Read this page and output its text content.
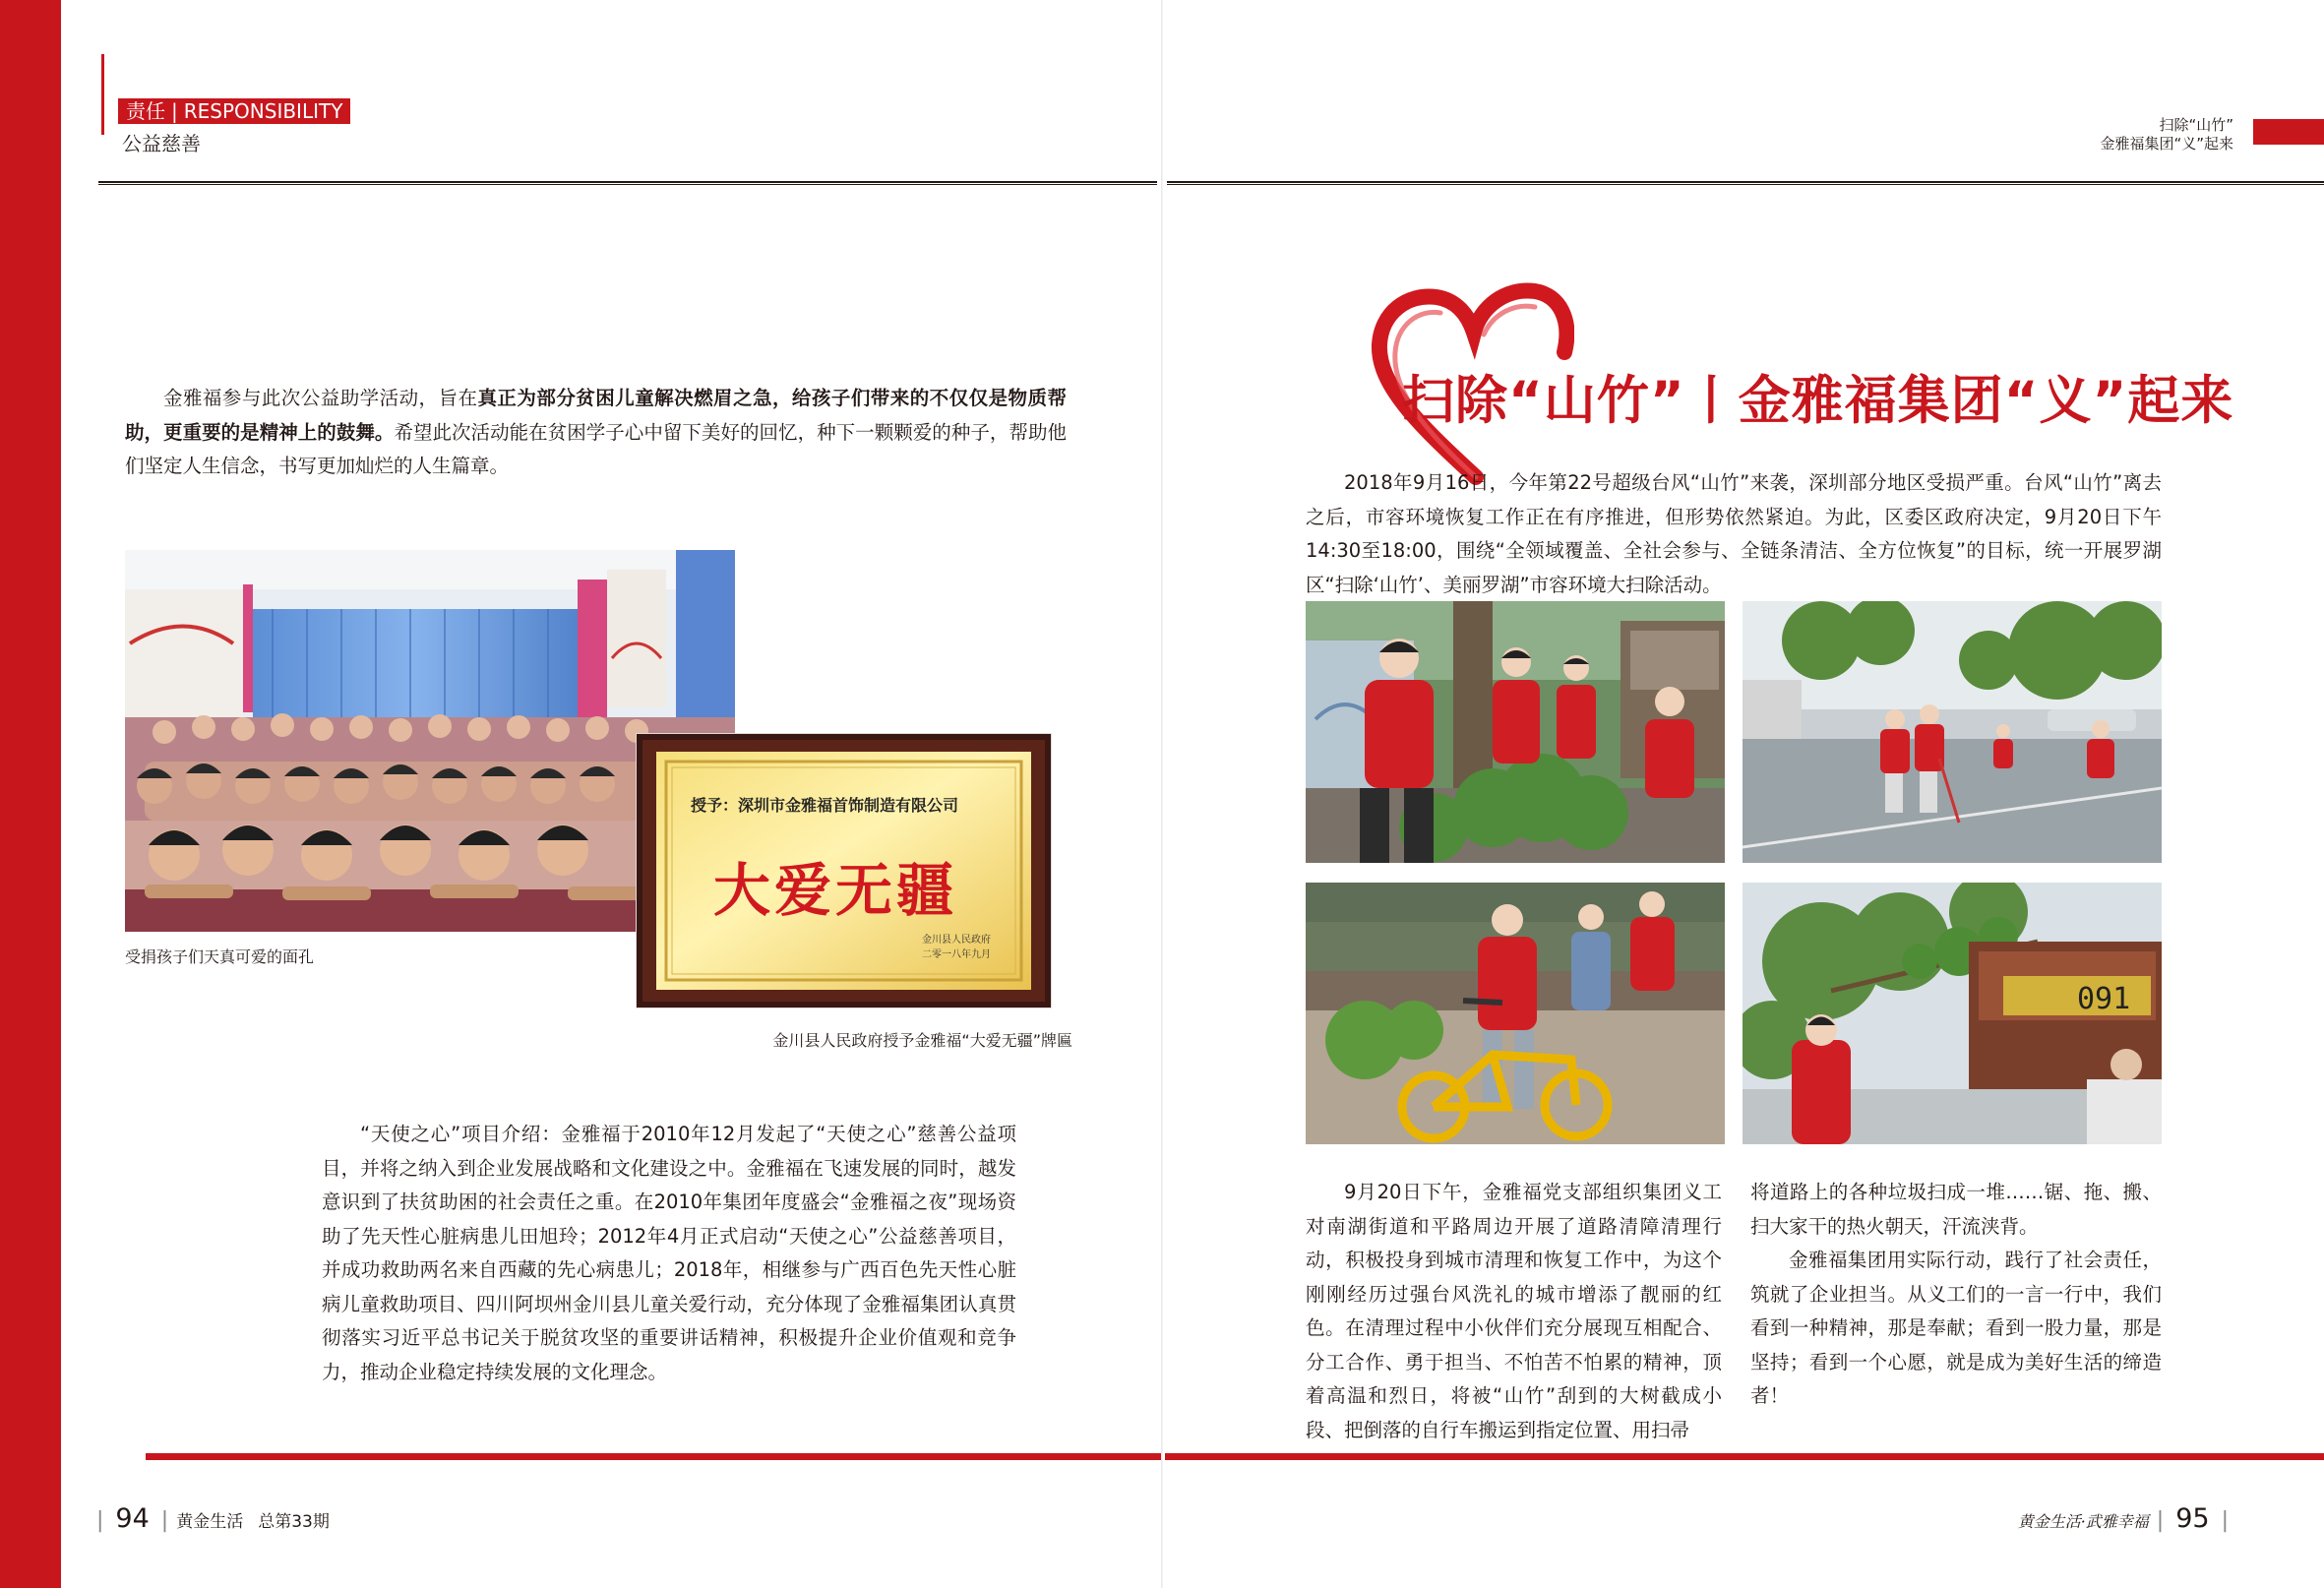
责任 | RESPONSIBILITY
公益慈善
扫除“山竹”
金雅福集团“义”起来

金雅福参与此次公益助学活动，旨在真正为部分贫困儿童解决燃眉之急，给孩子们带来的不仅仅是物质帮助，更重要的是精神上的鼓舞。希望此次活动能在贫困学子心中留下美好的回忆，种下一颗颗爱的种子，帮助他们坚定人生信念，书写更加灿烂的人生篇章。

授予：深圳市金雅福首饰制造有限公司
大爱无疆
金川县人民政府
二零一八年九月
受捐孩子们天真可爱的面孔
金川县人民政府授予金雅福“大爱无疆”牌匾

“天使之心”项目介绍：金雅福于2010年12月发起了“天使之心”慈善公益项目，并将之纳入到企业发展战略和文化建设之中。金雅福在飞速发展的同时，越发意识到了扶贫助困的社会责任之重。在2010年集团年度盛会“金雅福之夜”现场资助了先天性心脏病患儿田旭玲；2012年4月正式启动“天使之心”公益慈善项目，并成功救助两名来自西藏的先心病患儿；2018年，相继参与广西百色先天性心脏病儿童救助项目、四川阿坝州金川县儿童关爱行动，充分体现了金雅福集团认真贯彻落实习近平总书记关于脱贫攻坚的重要讲话精神，积极提升企业价值观和竞争力，推动企业稳定持续发展的文化理念。

扫除“山竹”丨金雅福集团“义”起来

2018年9月16日，今年第22号超级台风“山竹”来袭，深圳部分地区受损严重。台风“山竹”离去之后，市容环境恢复工作正在有序推进，但形势依然紧迫。为此，区委区政府决定，9月20日下午14:30至18:00，围绕“全领域覆盖、全社会参与、全链条清洁、全方位恢复”的目标，统一开展罗湖区“扫除‘山竹’、美丽罗湖”市容环境大扫除活动。

091

9月20日下午，金雅福党支部组织集团义工对南湖街道和平路周边开展了道路清障清理行动，积极投身到城市清理和恢复工作中，为这个刚刚经历过强台风洗礼的城市增添了靓丽的红色。在清理过程中小伙伴们充分展现互相配合、分工合作、勇于担当、不怕苦不怕累的精神，顶着高温和烈日，将被“山竹”刮到的大树截成小段、把倒落的自行车搬运到指定位置、用扫帚

将道路上的各种垃圾扫成一堆……锯、拖、搬、扫大家干的热火朝天，汗流浃背。

金雅福集团用实际行动，践行了社会责任，筑就了企业担当。从义工们的一言一行中，我们看到一种精神，那是奉献；看到一股力量，那是坚持；看到一个心愿，就是成为美好生活的缔造者！

| 94 | 黄金生活 总第33期	黄金生活·武雅幸福 | 95 |
